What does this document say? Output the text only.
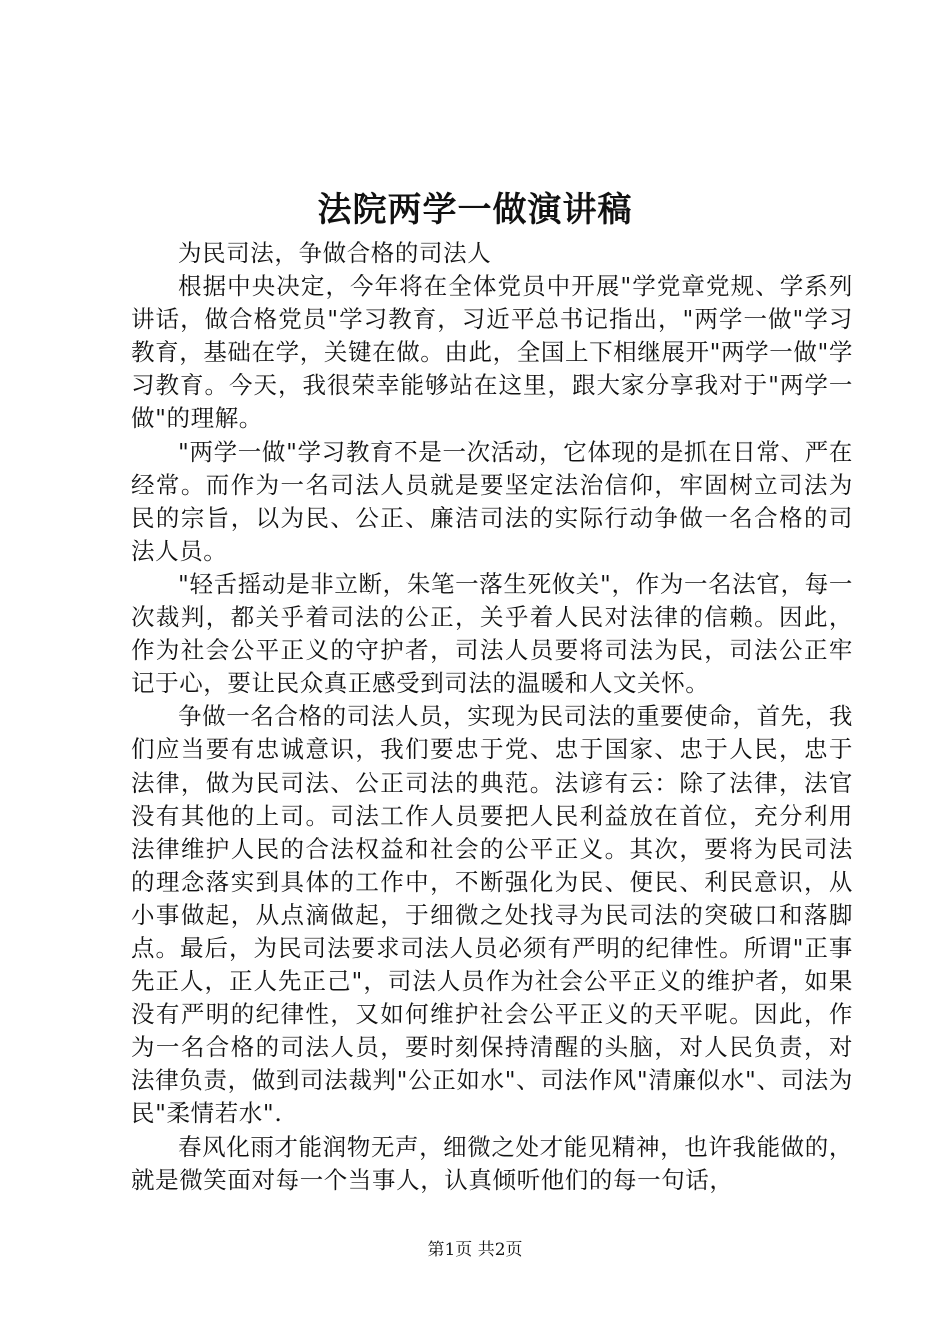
法院两学一做演讲稿

为民司法，争做合格的司法人

根据中央决定，今年将在全体党员中开展"学党章党规、学系列讲话，做合格党员"学习教育，习近平总书记指出，"两学一做"学习教育，基础在学，关键在做。由此，全国上下相继展开"两学一做"学习教育。今天，我很荣幸能够站在这里，跟大家分享我对于"两学一做"的理解。

"两学一做"学习教育不是一次活动，它体现的是抓在日常、严在经常。而作为一名司法人员就是要坚定法治信仰，牢固树立司法为民的宗旨，以为民、公正、廉洁司法的实际行动争做一名合格的司法人员。

"轻舌摇动是非立断，朱笔一落生死攸关"，作为一名法官，每一次裁判，都关乎着司法的公正，关乎着人民对法律的信赖。因此，作为社会公平正义的守护者，司法人员要将司法为民，司法公正牢记于心，要让民众真正感受到司法的温暖和人文关怀。

争做一名合格的司法人员，实现为民司法的重要使命，首先，我们应当要有忠诚意识，我们要忠于党、忠于国家、忠于人民，忠于法律，做为民司法、公正司法的典范。法谚有云：除了法律，法官没有其他的上司。司法工作人员要把人民利益放在首位，充分利用法律维护人民的合法权益和社会的公平正义。其次，要将为民司法的理念落实到具体的工作中，不断强化为民、便民、利民意识，从小事做起，从点滴做起，于细微之处找寻为民司法的突破口和落脚点。最后，为民司法要求司法人员必须有严明的纪律性。所谓"正事先正人，正人先正己"，司法人员作为社会公平正义的维护者，如果没有严明的纪律性，又如何维护社会公平正义的天平呢。因此，作为一名合格的司法人员，要时刻保持清醒的头脑，对人民负责，对法律负责，做到司法裁判"公正如水"、司法作风"清廉似水"、司法为民"柔情若水".

春风化雨才能润物无声，细微之处才能见精神，也许我能做的，就是微笑面对每一个当事人，认真倾听他们的每一句话，

第1页 共2页
